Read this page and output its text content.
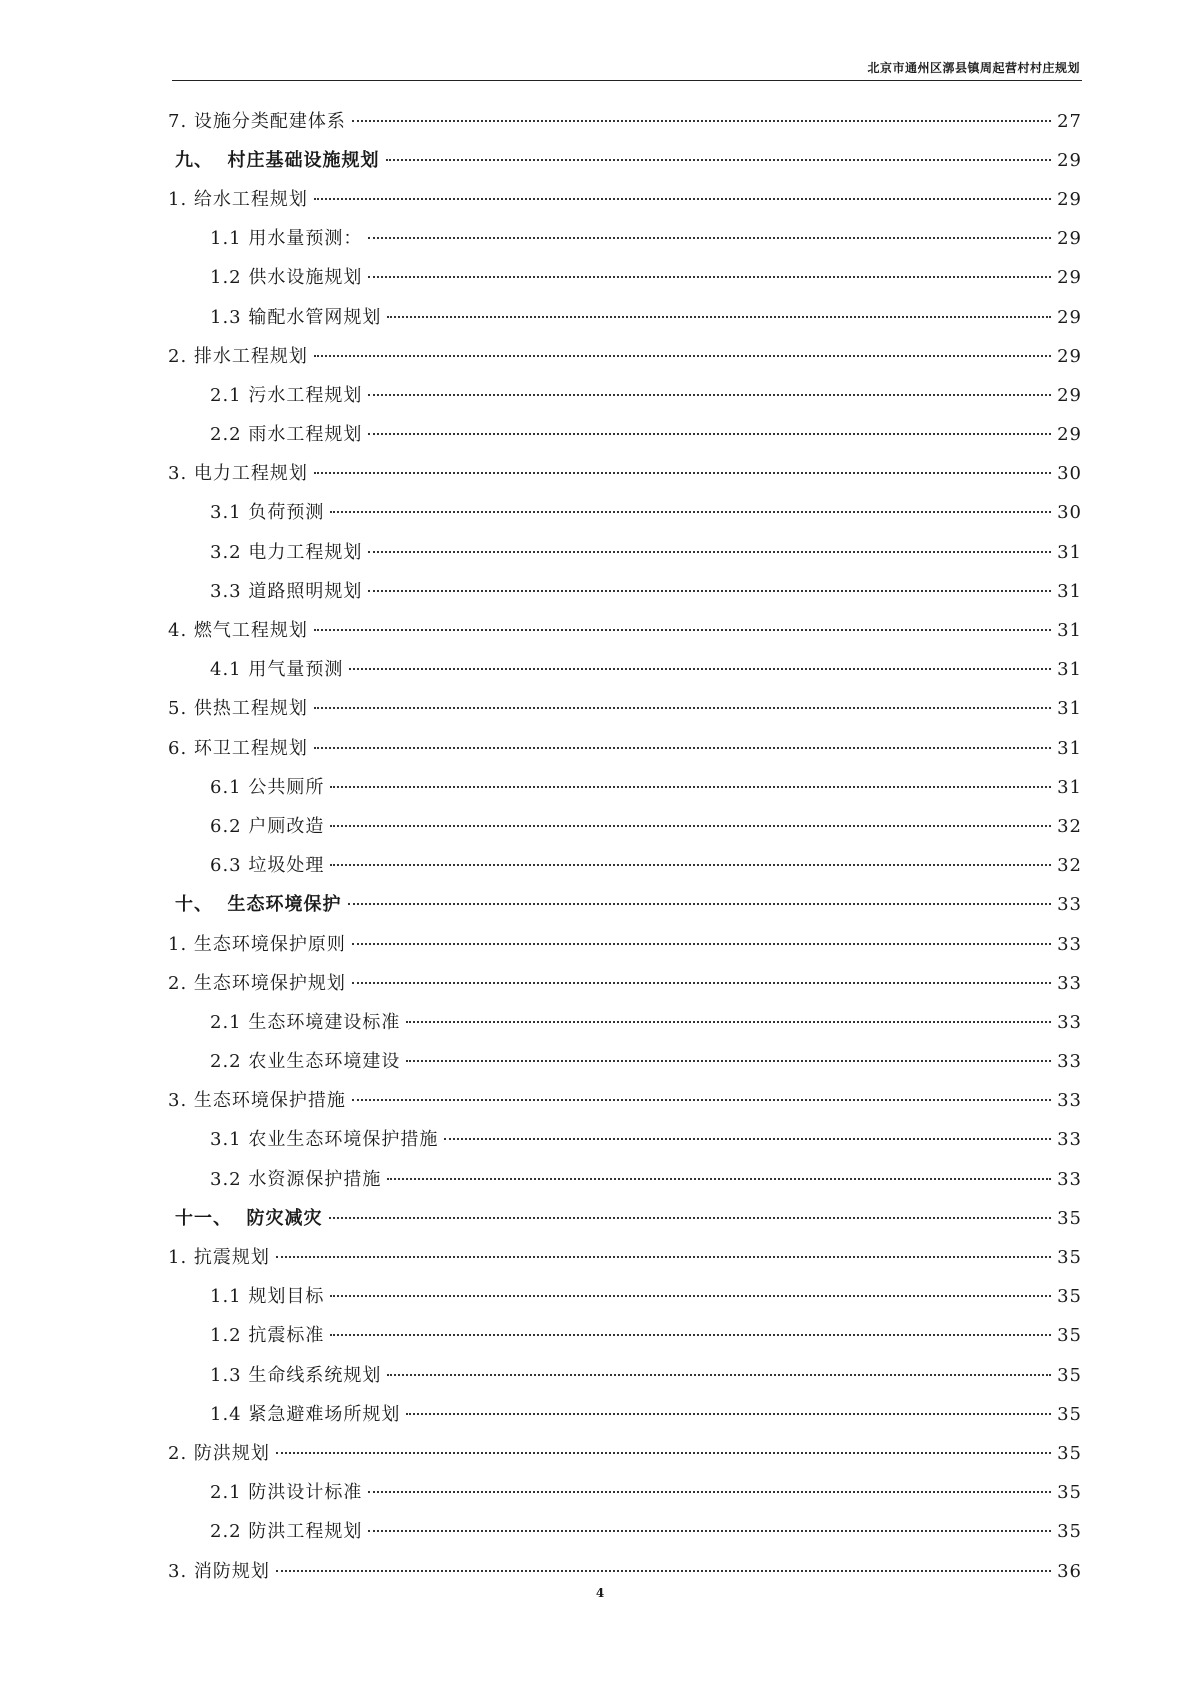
北京市通州区漷县镇周起营村村庄规划
7. 设施分类配建体系	27
九、  村庄基础设施规划	29
1. 给水工程规划	29
1.1 用水量预测：	29
1.2 供水设施规划	29
1.3 输配水管网规划	29
2. 排水工程规划	29
2.1 污水工程规划	29
2.2 雨水工程规划	29
3. 电力工程规划	30
3.1 负荷预测	30
3.2 电力工程规划	31
3.3 道路照明规划	31
4. 燃气工程规划	31
4.1 用气量预测	31
5. 供热工程规划	31
6. 环卫工程规划	31
6.1 公共厕所	31
6.2 户厕改造	32
6.3 垃圾处理	32
十、  生态环境保护	33
1. 生态环境保护原则	33
2. 生态环境保护规划	33
2.1 生态环境建设标准	33
2.2 农业生态环境建设	33
3. 生态环境保护措施	33
3.1 农业生态环境保护措施	33
3.2 水资源保护措施	33
十一、  防灾减灾	35
1. 抗震规划	35
1.1 规划目标	35
1.2 抗震标准	35
1.3 生命线系统规划	35
1.4 紧急避难场所规划	35
2. 防洪规划	35
2.1 防洪设计标准	35
2.2 防洪工程规划	35
3. 消防规划	36
4
